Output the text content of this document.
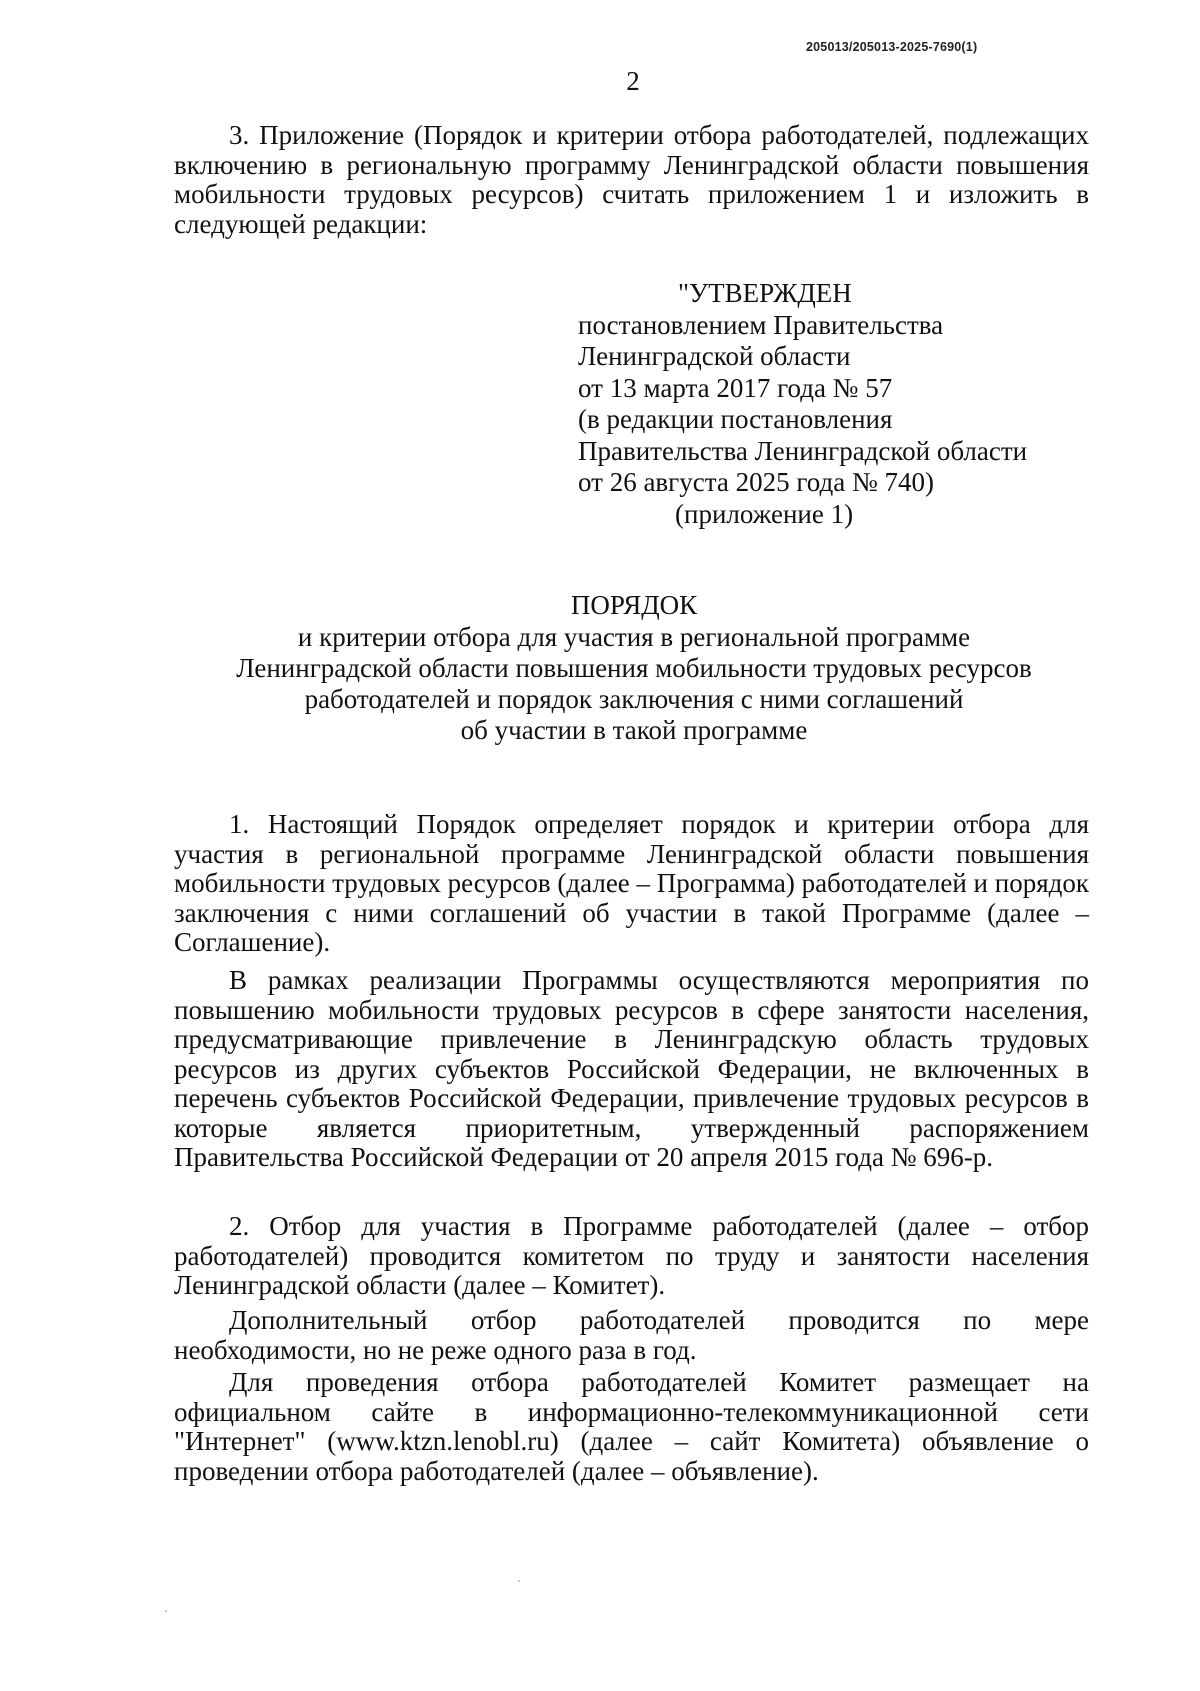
205013/205013-2025-7690(1)
2
3. Приложение (Порядок и критерии отбора работодателей, подлежащих включению в региональную программу Ленинградской области повышения мобильности трудовых ресурсов) считать приложением 1 и изложить в следующей редакции:
"УТВЕРЖДЕН
постановлением Правительства
Ленинградской области
от 13 марта 2017 года № 57
(в редакции постановления
Правительства Ленинградской области
от 26 августа 2025 года № 740)
(приложение 1)
ПОРЯДОК
и критерии отбора для участия в региональной программе
Ленинградской области повышения мобильности трудовых ресурсов
работодателей и порядок заключения с ними соглашений
об участии в такой программе
1. Настоящий Порядок определяет порядок и критерии отбора для участия в региональной программе Ленинградской области повышения мобильности трудовых ресурсов (далее – Программа) работодателей и порядок заключения с ними соглашений об участии в такой Программе (далее – Соглашение).
В рамках реализации Программы осуществляются мероприятия по повышению мобильности трудовых ресурсов в сфере занятости населения, предусматривающие привлечение в Ленинградскую область трудовых ресурсов из других субъектов Российской Федерации, не включенных в перечень субъектов Российской Федерации, привлечение трудовых ресурсов в которые является приоритетным, утвержденный распоряжением Правительства Российской Федерации от 20 апреля 2015 года № 696-р.
2. Отбор для участия в Программе работодателей (далее – отбор работодателей) проводится комитетом по труду и занятости населения Ленинградской области (далее – Комитет).
Дополнительный отбор работодателей проводится по мере необходимости, но не реже одного раза в год.
Для проведения отбора работодателей Комитет размещает на официальном сайте в информационно-телекоммуникационной сети "Интернет" (www.ktzn.lenobl.ru) (далее – сайт Комитета) объявление о проведении отбора работодателей (далее – объявление).
